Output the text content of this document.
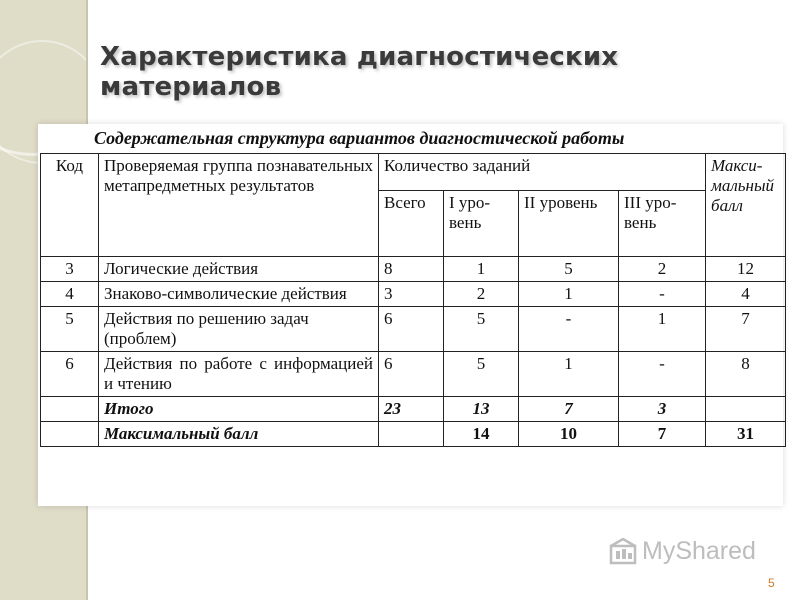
Характеристика диагностических материалов
Содержательная структура вариантов диагностической работы
Код	Проверяемая группа познавательных метапредметных результатов	Количество заданий				Максимальный балл
		Всего	I уровень	II уровень	III уровень	
3	Логические действия	8	1	5	2	12
4	Знаково-символические действия	3	2	1	-	4
5	Действия по решению задач (проблем)	6	5	-	1	7
6	Действия по работе с информацией и чтению	6	5	1	-	8
	Итого	23	13	7	3	
	Максимальный балл		14	10	7	31
MyShared
5
